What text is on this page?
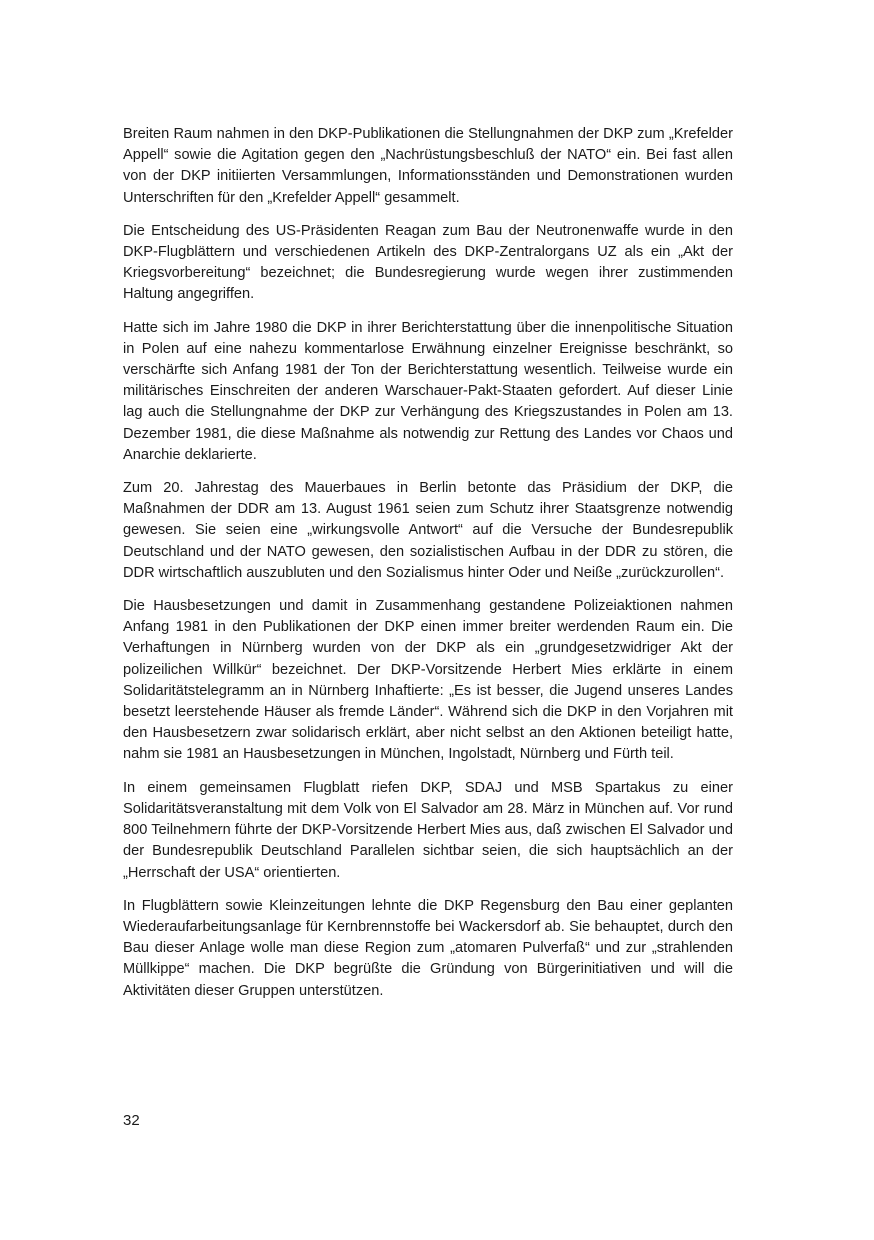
Breiten Raum nahmen in den DKP-Publikationen die Stellungnahmen der DKP zum „Krefelder Appell“ sowie die Agitation gegen den „Nachrüstungsbeschluß der NATO“ ein. Bei fast allen von der DKP initiierten Versammlungen, Informationsständen und Demonstrationen wurden Unterschriften für den „Krefelder Appell“ gesammelt.

Die Entscheidung des US-Präsidenten Reagan zum Bau der Neutronenwaffe wurde in den DKP-Flugblättern und verschiedenen Artikeln des DKP-Zentralorgans UZ als ein „Akt der Kriegsvorbereitung“ bezeichnet; die Bundesregierung wurde wegen ihrer zustimmenden Haltung angegriffen.

Hatte sich im Jahre 1980 die DKP in ihrer Berichterstattung über die innenpolitische Situation in Polen auf eine nahezu kommentarlose Erwähnung einzelner Ereignisse beschränkt, so verschärfte sich Anfang 1981 der Ton der Berichterstattung wesentlich. Teilweise wurde ein militärisches Einschreiten der anderen Warschauer-Pakt-Staaten gefordert. Auf dieser Linie lag auch die Stellungnahme der DKP zur Verhängung des Kriegszustandes in Polen am 13. Dezember 1981, die diese Maßnahme als notwendig zur Rettung des Landes vor Chaos und Anarchie deklarierte.

Zum 20. Jahrestag des Mauerbaues in Berlin betonte das Präsidium der DKP, die Maßnahmen der DDR am 13. August 1961 seien zum Schutz ihrer Staatsgrenze notwendig gewesen. Sie seien eine „wirkungsvolle Antwort“ auf die Versuche der Bundesrepublik Deutschland und der NATO gewesen, den sozialistischen Aufbau in der DDR zu stören, die DDR wirtschaftlich auszubluten und den Sozialismus hinter Oder und Neiße „zurückzurollen“.

Die Hausbesetzungen und damit in Zusammenhang gestandene Polizeiaktionen nahmen Anfang 1981 in den Publikationen der DKP einen immer breiter werdenden Raum ein. Die Verhaftungen in Nürnberg wurden von der DKP als ein „grundgesetzwidriger Akt der polizeilichen Willkür“ bezeichnet. Der DKP-Vorsitzende Herbert Mies erklärte in einem Solidaritätstelegramm an in Nürnberg Inhaftierte: „Es ist besser, die Jugend unseres Landes besetzt leerstehende Häuser als fremde Länder“. Während sich die DKP in den Vorjahren mit den Hausbesetzern zwar solidarisch erklärt, aber nicht selbst an den Aktionen beteiligt hatte, nahm sie 1981 an Hausbesetzungen in München, Ingolstadt, Nürnberg und Fürth teil.

In einem gemeinsamen Flugblatt riefen DKP, SDAJ und MSB Spartakus zu einer Solidaritätsveranstaltung mit dem Volk von El Salvador am 28. März in München auf. Vor rund 800 Teilnehmern führte der DKP-Vorsitzende Herbert Mies aus, daß zwischen El Salvador und der Bundesrepublik Deutschland Parallelen sichtbar seien, die sich hauptsächlich an der „Herrschaft der USA“ orientierten.

In Flugblättern sowie Kleinzeitungen lehnte die DKP Regensburg den Bau einer geplanten Wiederaufarbeitungsanlage für Kernbrennstoffe bei Wackersdorf ab. Sie behauptet, durch den Bau dieser Anlage wolle man diese Region zum „atomaren Pulverfaß“ und zur „strahlenden Müllkippe“ machen. Die DKP begrüßte die Gründung von Bürgerinitiativen und will die Aktivitäten dieser Gruppen unterstützen.

32
